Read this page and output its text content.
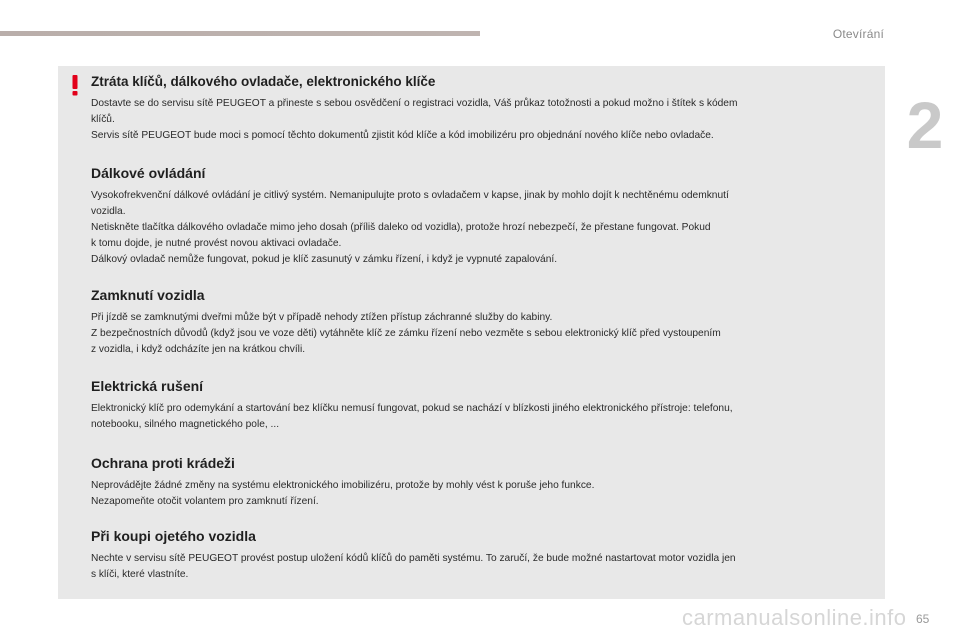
Otevírání
2
Ztráta klíčů, dálkového ovladače, elektronického klíče

Dostavte se do servisu sítě PEUGEOT a přineste s sebou osvědčení o registraci vozidla, Váš průkaz totožnosti a pokud možno i štítek s kódem

klíčů.

Servis sítě PEUGEOT bude moci s pomocí těchto dokumentů zjistit kód klíče a kód imobilizéru pro objednání nového klíče nebo ovladače.

Dálkové ovládání

Vysokofrekvenční dálkové ovládání je citlivý systém. Nemanipulujte proto s ovladačem v kapse, jinak by mohlo dojít k nechtěnému odemknutí

vozidla.

Netiskněte tlačítka dálkového ovladače mimo jeho dosah (příliš daleko od vozidla), protože hrozí nebezpečí, že přestane fungovat. Pokud

k tomu dojde, je nutné provést novou aktivaci ovladače.

Dálkový ovladač nemůže fungovat, pokud je klíč zasunutý v zámku řízení, i když je vypnuté zapalování.

Zamknutí vozidla

Při jízdě se zamknutými dveřmi může být v případě nehody ztížen přístup záchranné služby do kabiny.

Z bezpečnostních důvodů (když jsou ve voze děti) vytáhněte klíč ze zámku řízení nebo vezměte s sebou elektronický klíč před vystoupením

z vozidla, i když odcházíte jen na krátkou chvíli.

Elektrická rušení

Elektronický klíč pro odemykání a startování bez klíčku nemusí fungovat, pokud se nachází v blízkosti jiného elektronického přístroje: telefonu,

notebooku, silného magnetického pole, ...

Ochrana proti krádeži

Neprovádějte žádné změny na systému elektronického imobilizéru, protože by mohly vést k poruše jeho funkce.

Nezapomeňte otočit volantem pro zamknutí řízení.

Při koupi ojetého vozidla

Nechte v servisu sítě PEUGEOT provést postup uložení kódů klíčů do paměti systému. To zaručí, že bude možné nastartovat motor vozidla jen

s klíči, které vlastníte.

carmanualsonline.info 65
